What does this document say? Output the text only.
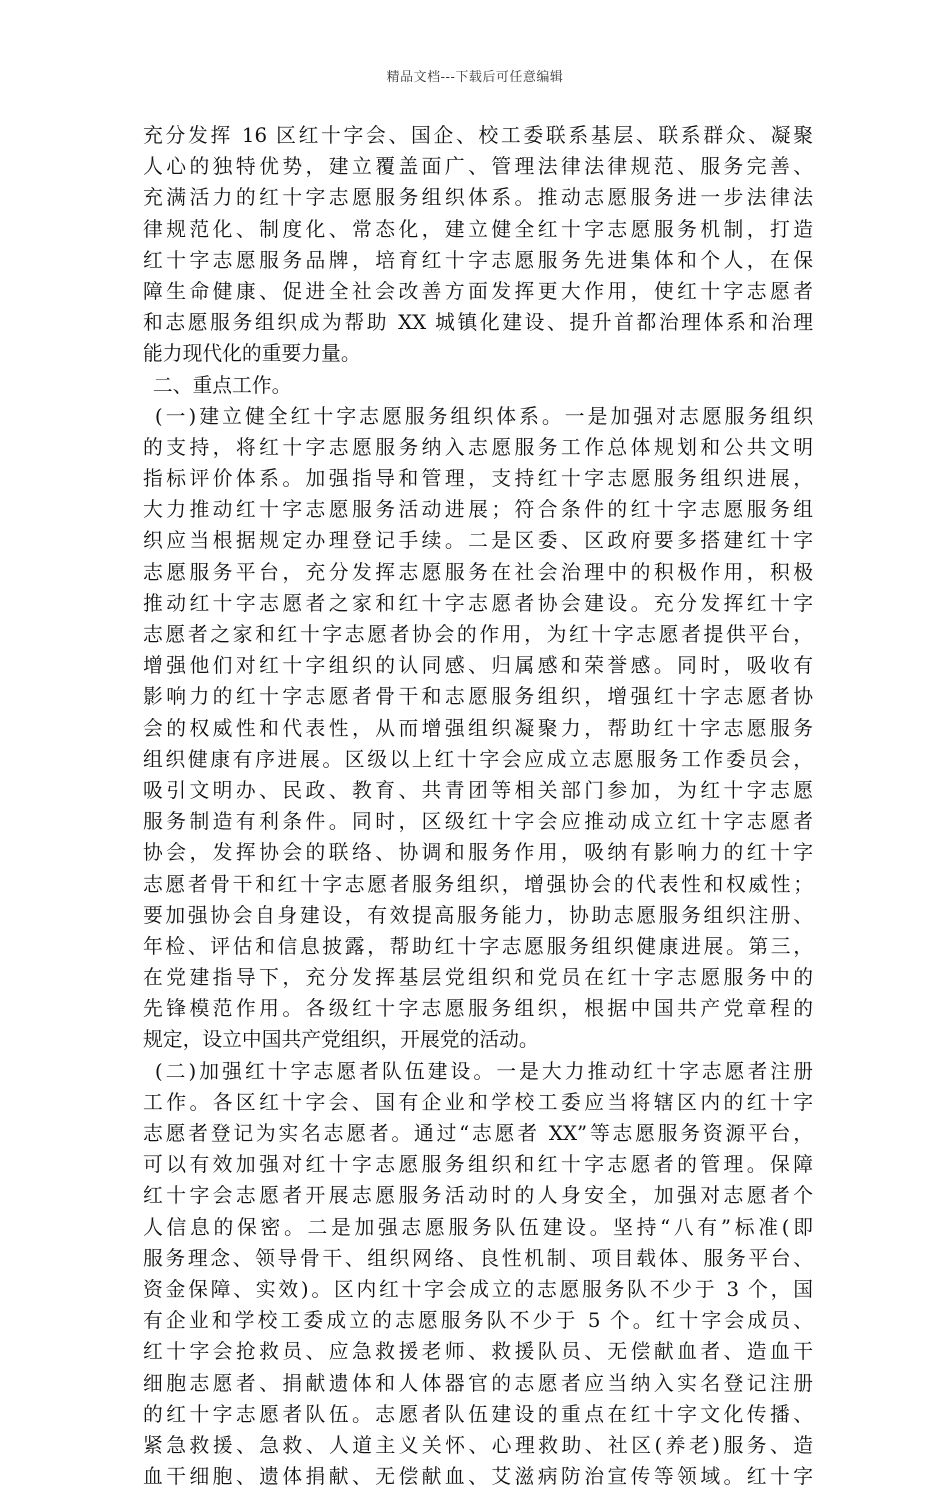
精品文档---下载后可任意编辑
充分发挥 16 区红十字会、国企、校工委联系基层、联系群众、凝聚
人心的独特优势，建立覆盖面广、管理法律法律规范、服务完善、
充满活力的红十字志愿服务组织体系。推动志愿服务进一步法律法
律规范化、制度化、常态化，建立健全红十字志愿服务机制，打造
红十字志愿服务品牌，培育红十字志愿服务先进集体和个人，在保
障生命健康、促进全社会改善方面发挥更大作用，使红十字志愿者
和志愿服务组织成为帮助 XX 城镇化建设、提升首都治理体系和治理
能力现代化的重要力量。
二、重点工作。
(一)建立健全红十字志愿服务组织体系。一是加强对志愿服务组织
的支持，将红十字志愿服务纳入志愿服务工作总体规划和公共文明
指标评价体系。加强指导和管理，支持红十字志愿服务组织进展，
大力推动红十字志愿服务活动进展；符合条件的红十字志愿服务组
织应当根据规定办理登记手续。二是区委、区政府要多搭建红十字
志愿服务平台，充分发挥志愿服务在社会治理中的积极作用，积极
推动红十字志愿者之家和红十字志愿者协会建设。充分发挥红十字
志愿者之家和红十字志愿者协会的作用，为红十字志愿者提供平台，
增强他们对红十字组织的认同感、归属感和荣誉感。同时，吸收有
影响力的红十字志愿者骨干和志愿服务组织，增强红十字志愿者协
会的权威性和代表性，从而增强组织凝聚力，帮助红十字志愿服务
组织健康有序进展。区级以上红十字会应成立志愿服务工作委员会，
吸引文明办、民政、教育、共青团等相关部门参加，为红十字志愿
服务制造有利条件。同时，区级红十字会应推动成立红十字志愿者
协会，发挥协会的联络、协调和服务作用，吸纳有影响力的红十字
志愿者骨干和红十字志愿者服务组织，增强协会的代表性和权威性；
要加强协会自身建设，有效提高服务能力，协助志愿服务组织注册、
年检、评估和信息披露，帮助红十字志愿服务组织健康进展。第三，
在党建指导下，充分发挥基层党组织和党员在红十字志愿服务中的
先锋模范作用。各级红十字志愿服务组织，根据中国共产党章程的
规定，设立中国共产党组织，开展党的活动。
(二)加强红十字志愿者队伍建设。一是大力推动红十字志愿者注册
工作。各区红十字会、国有企业和学校工委应当将辖区内的红十字
志愿者登记为实名志愿者。通过“志愿者 XX”等志愿服务资源平台，
可以有效加强对红十字志愿服务组织和红十字志愿者的管理。保障
红十字会志愿者开展志愿服务活动时的人身安全，加强对志愿者个
人信息的保密。二是加强志愿服务队伍建设。坚持“八有”标准(即
服务理念、领导骨干、组织网络、良性机制、项目载体、服务平台、
资金保障、实效)。区内红十字会成立的志愿服务队不少于 3 个，国
有企业和学校工委成立的志愿服务队不少于 5 个。红十字会成员、
红十字会抢救员、应急救援老师、救援队员、无偿献血者、造血干
细胞志愿者、捐献遗体和人体器官的志愿者应当纳入实名登记注册
的红十字志愿者队伍。志愿者队伍建设的重点在红十字文化传播、
紧急救援、急救、人道主义关怀、心理救助、社区(养老)服务、造
血干细胞、遗体捐献、无偿献血、艾滋病防治宣传等领域。红十字
